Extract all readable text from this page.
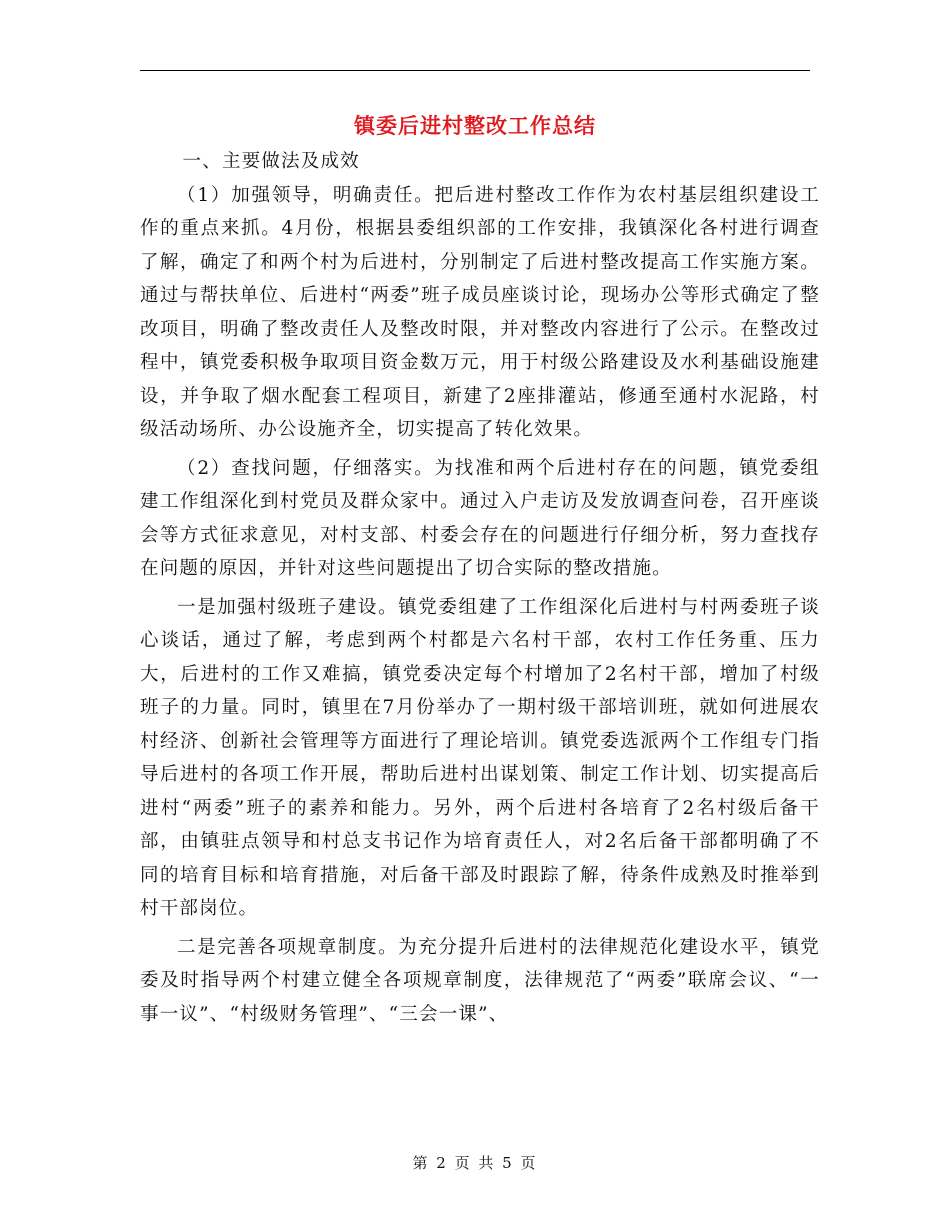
镇委后进村整改工作总结

一、主要做法及成效

（1）加强领导，明确责任。把后进村整改工作作为农村基层组织建设工作的重点来抓。4月份，根据县委组织部的工作安排，我镇深化各村进行调查了解，确定了和两个村为后进村，分别制定了后进村整改提高工作实施方案。通过与帮扶单位、后进村“两委”班子成员座谈讨论，现场办公等形式确定了整改项目，明确了整改责任人及整改时限，并对整改内容进行了公示。在整改过程中，镇党委积极争取项目资金数万元，用于村级公路建设及水利基础设施建设，并争取了烟水配套工程项目，新建了2座排灌站，修通至通村水泥路，村级活动场所、办公设施齐全，切实提高了转化效果。

（2）查找问题，仔细落实。为找准和两个后进村存在的问题，镇党委组建工作组深化到村党员及群众家中。通过入户走访及发放调查问卷，召开座谈会等方式征求意见，对村支部、村委会存在的问题进行仔细分析，努力查找存在问题的原因，并针对这些问题提出了切合实际的整改措施。

一是加强村级班子建设。镇党委组建了工作组深化后进村与村两委班子谈心谈话，通过了解，考虑到两个村都是六名村干部，农村工作任务重、压力大，后进村的工作又难搞，镇党委决定每个村增加了2名村干部，增加了村级班子的力量。同时，镇里在7月份举办了一期村级干部培训班，就如何进展农村经济、创新社会管理等方面进行了理论培训。镇党委选派两个工作组专门指导后进村的各项工作开展，帮助后进村出谋划策、制定工作计划、切实提高后进村“两委”班子的素养和能力。另外，两个后进村各培育了2名村级后备干部，由镇驻点领导和村总支书记作为培育责任人，对2名后备干部都明确了不同的培育目标和培育措施，对后备干部及时跟踪了解，待条件成熟及时推举到村干部岗位。

二是完善各项规章制度。为充分提升后进村的法律规范化建设水平，镇党委及时指导两个村建立健全各项规章制度，法律规范了“两委”联席会议、“一事一议”、“村级财务管理”、“三会一课”、

第 2 页 共 5 页
